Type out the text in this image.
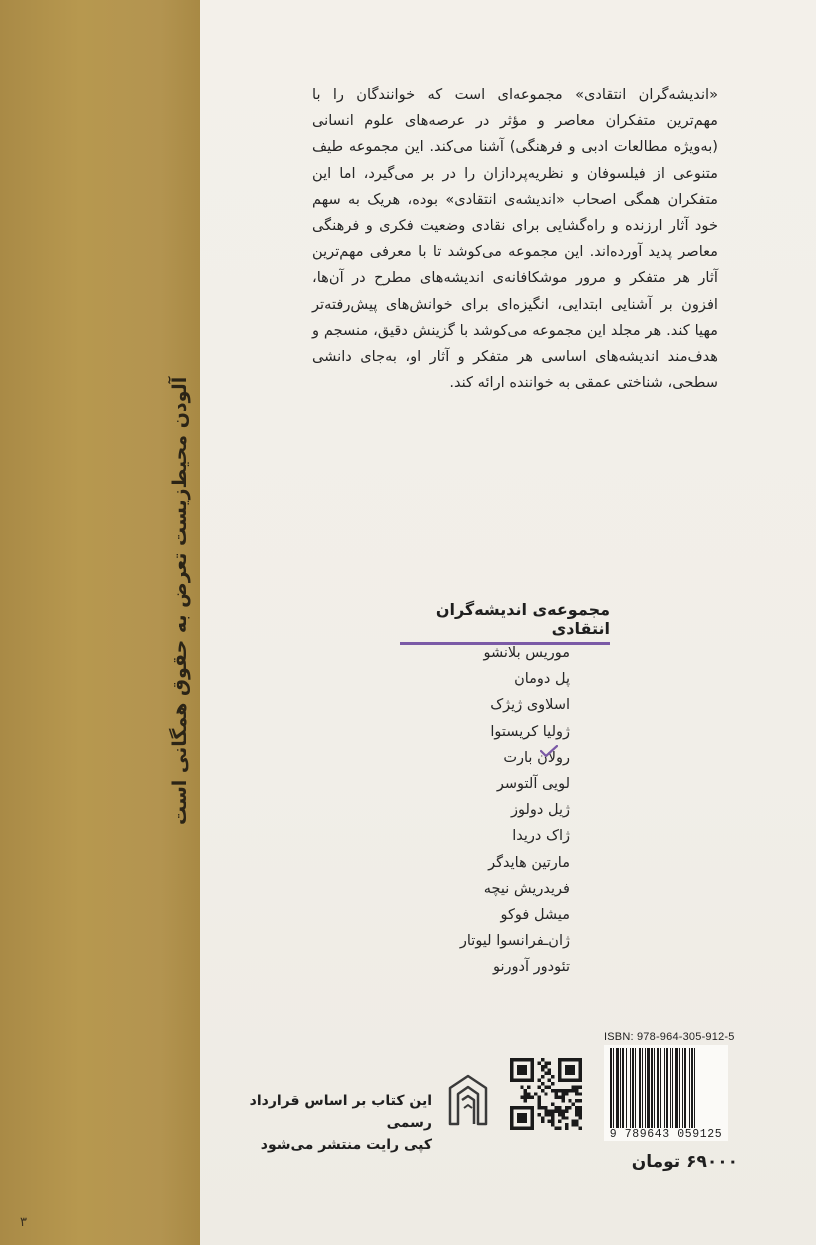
آلودن محیط‌زیست تعرض به حقوق همگانی است
۳
«اندیشه‌گران انتقادی» مجموعه‌ای است که خوانندگان را با مهم‌ترین متفکران معاصر و مؤثر در عرصه‌های علوم انسانی (به‌ویژه مطالعات ادبی و فرهنگی) آشنا می‌کند. این مجموعه طیف متنوعی از فیلسوفان و نظریه‌پردازان را در بر می‌گیرد، اما این متفکران همگی اصحاب «اندیشه‌ی انتقادی» بوده، هریک به سهم خود آثار ارزنده و راه‌گشایی برای نقادی وضعیت فکری و فرهنگی معاصر پدید آورده‌اند. این مجموعه می‌کوشد تا با معرفی مهم‌ترین آثار هر متفکر و مرور موشکافانه‌ی اندیشه‌های مطرح در آن‌ها، افزون بر آشنایی ابتدایی، انگیزه‌ای برای خوانش‌های پیش‌رفته‌تر مهیا کند. هر مجلد این مجموعه می‌کوشد با گزینش دقیق، منسجم و هدف‌مند اندیشه‌های اساسی هر متفکر و آثار او، به‌جای دانشی سطحی، شناختی عمقی به خواننده ارائه کند.
مجموعه‌ی اندیشه‌گران انتقادی
موریس بلانشو
پل دومان
اسلاوی ژیژک
ژولیا کریستوا
رولان بارت
لویی آلتوسر
ژیل دولوز
ژاک دریدا
مارتین هایدگر
فریدریش نیچه
میشل فوکو
ژان‌ـفرانسوا لیوتار
تئودور آدورنو
ISBN: 978-964-305-912-5
9 789643 059125
۶۹۰۰۰ تومان
این کتاب بر اساس قرارداد رسمی
کپی رایت منتشر می‌شود
